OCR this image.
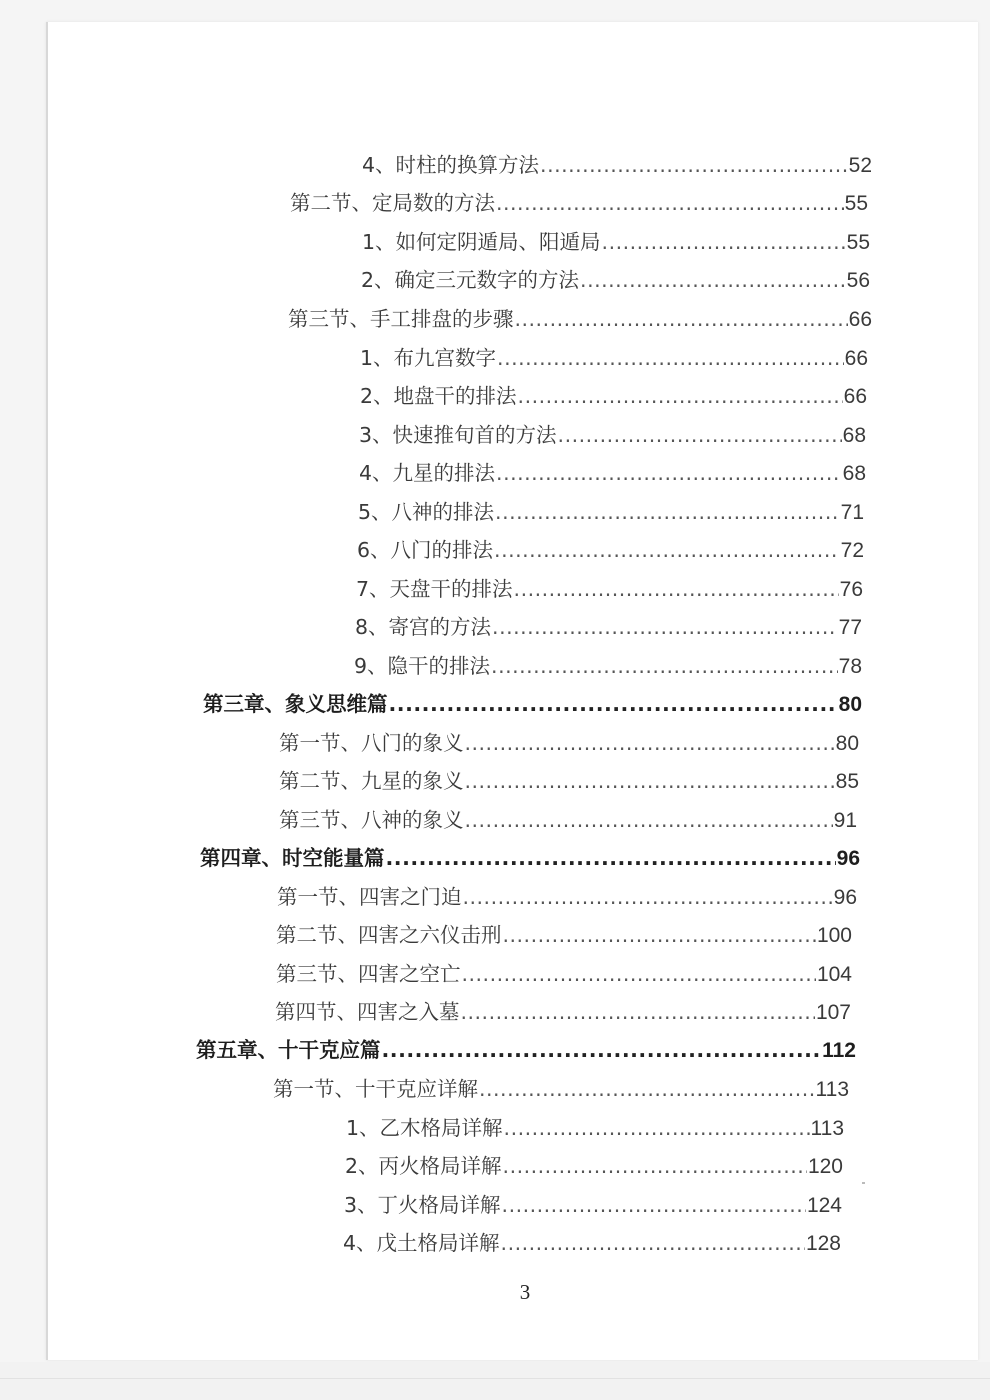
4、时柱的换算方法 .....	52
第二节、定局数的方法 .....	55
1、如何定阴遁局、阳遁局 .....	55
2、确定三元数字的方法 .....	56
第三节、手工排盘的步骤 .....	66
1、布九宫数字 .....	66
2、地盘干的排法 .....	66
3、快速推旬首的方法 .....	68
4、九星的排法 .....	68
5、八神的排法 .....	71
6、八门的排法 .....	72
7、天盘干的排法 .....	76
8、寄宫的方法 .....	77
9、隐干的排法 .....	78
第三章、象义思维篇 .....	80
第一节、八门的象义 .....	80
第二节、九星的象义 .....	85
第三节、八神的象义 .....	91
第四章、时空能量篇 .....	96
第一节、四害之门迫 .....	96
第二节、四害之六仪击刑 .....	100
第三节、四害之空亡 .....	104
第四节、四害之入墓 .....	107
第五章、十干克应篇 .....	112
第一节、十干克应详解 .....	113
1、乙木格局详解 .....	113
2、丙火格局详解 .....	120
3、丁火格局详解 .....	124
4、戊土格局详解 .....	128
3
